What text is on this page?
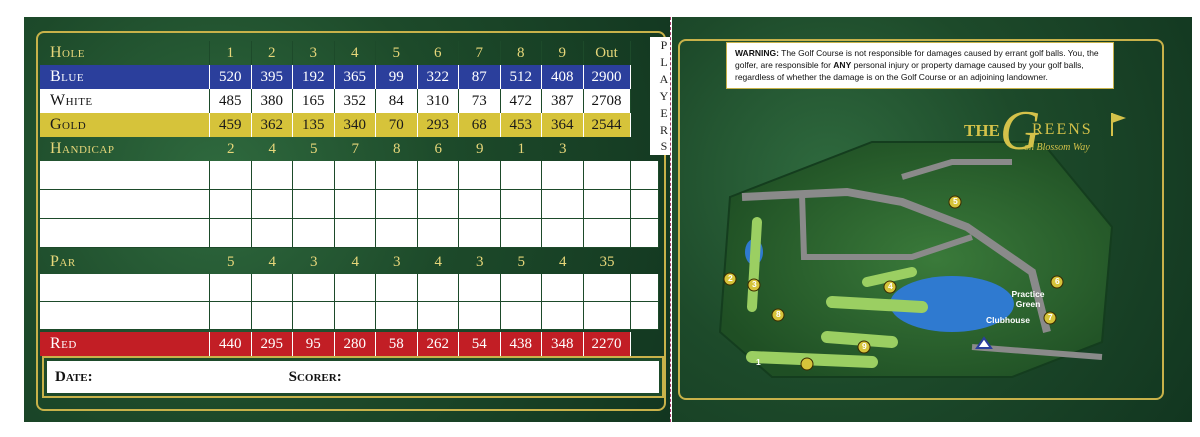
Hole	1	2	3	4	5	6	7	8	9	Out
Blue	520	395	192	365	99	322	87	512	408	2900
White	485	380	165	352	84	310	73	472	387	2708
Gold	459	362	135	340	70	293	68	453	364	2544
Handicap	2	4	5	7	8	6	9	1	3
Par	5	4	3	4	3	4	3	5	4	35
Red	440	295	95	280	58	262	54	438	348	2270
P
L
A
Y
E
R
S
Date:	Scorer:
WARNING: The Golf Course is not responsible for damages caused by errant golf balls. You, the golfer, are responsible for ANY personal injury or property damage caused by your golf balls, regardless of whether the damage is on the Golf Course or an adjoining landowner.
1
2
3	4
5
6
7
8
9
Practice
Green
Clubhouse
THE G
REENS
on Blossom Way
